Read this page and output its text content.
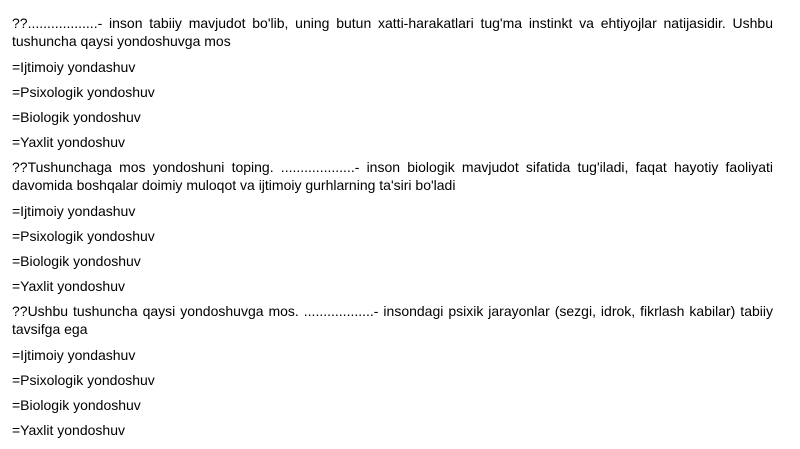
??..................- inson tabiiy mavjudot bo'lib, uning butun xatti-harakatlari tug'ma instinkt va ehtiyojlar natijasidir. Ushbu tushuncha qaysi yondoshuvga mos

=Ijtimoiy yondashuv

=Psixologik yondoshuv

=Biologik yondoshuv

=Yaxlit yondoshuv

??Tushunchaga mos yondoshuni toping. ...................- inson biologik mavjudot sifatida tug'iladi, faqat hayotiy faoliyati davomida boshqalar doimiy muloqot va ijtimoiy gurhlarning ta'siri bo'ladi

=Ijtimoiy yondashuv

=Psixologik yondoshuv

=Biologik yondoshuv

=Yaxlit yondoshuv

??Ushbu tushuncha qaysi yondoshuvga mos. ..................- insondagi psixik jarayonlar (sezgi, idrok, fikrlash kabilar) tabiiy tavsifga ega

=Ijtimoiy yondashuv

=Psixologik yondoshuv

=Biologik yondoshuv

=Yaxlit yondoshuv
